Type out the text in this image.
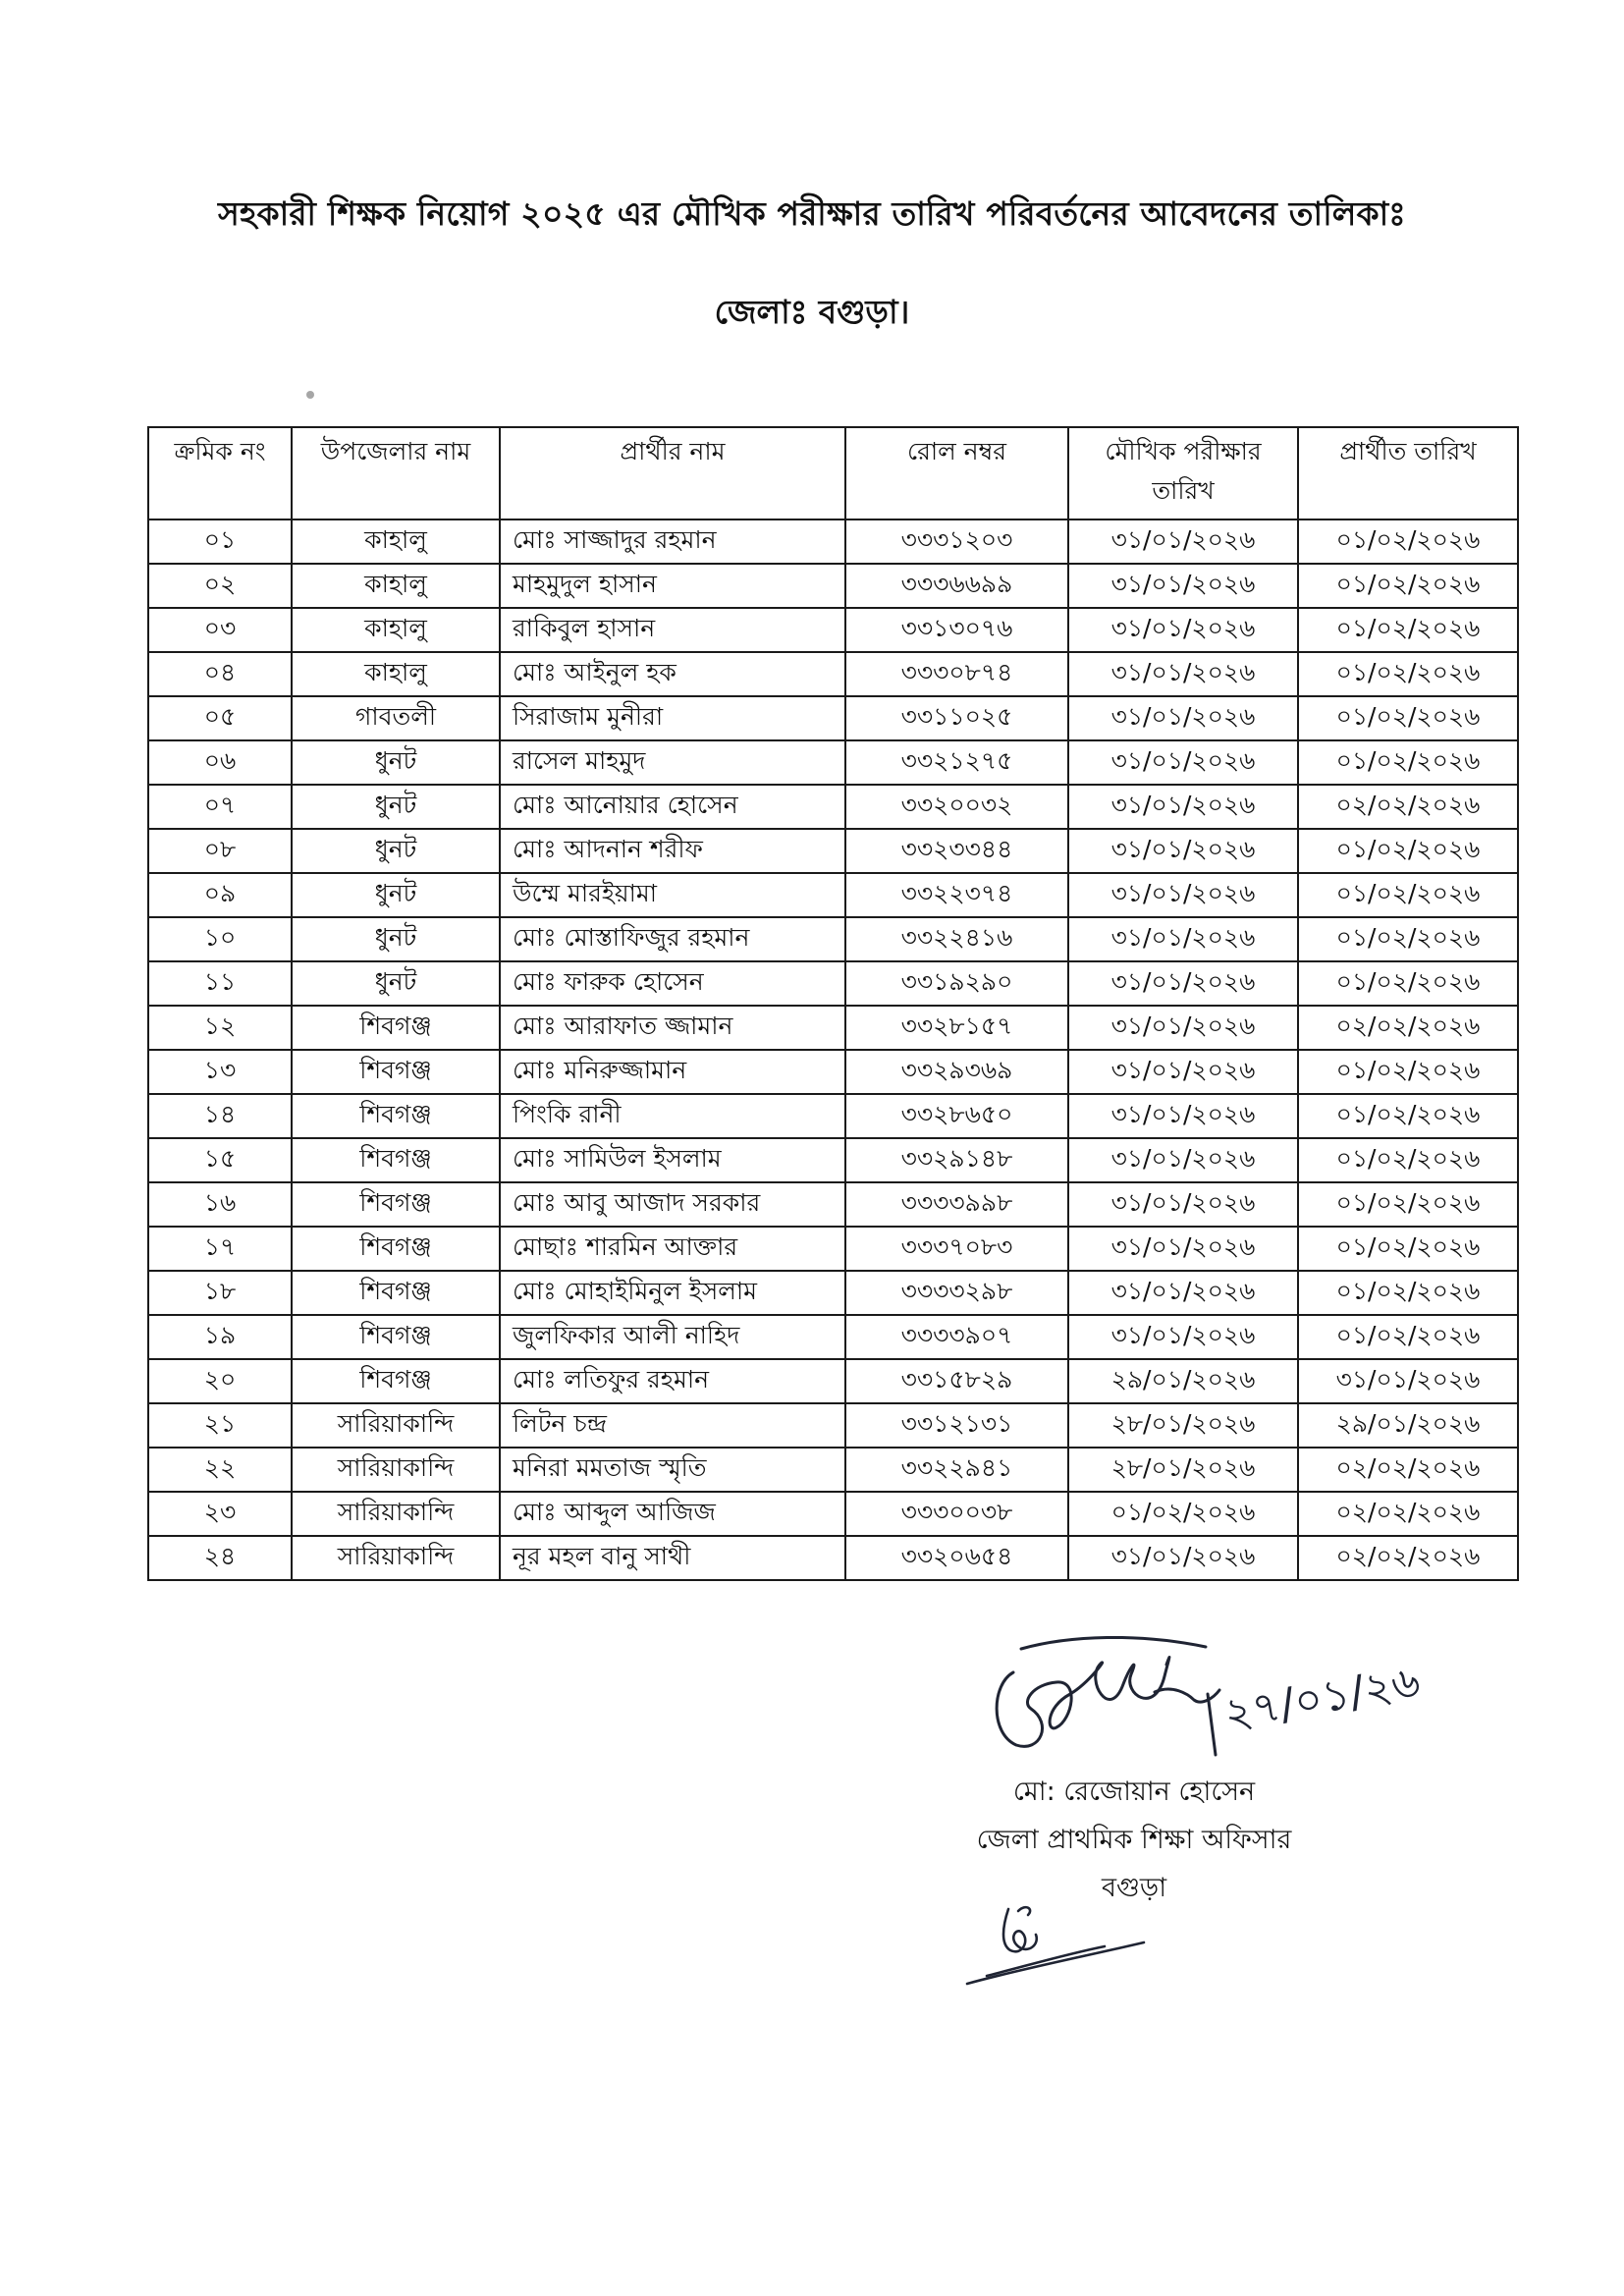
সহকারী শিক্ষক নিয়োগ ২০২৫ এর মৌখিক পরীক্ষার তারিখ পরিবর্তনের আবেদনের তালিকাঃ
জেলাঃ বগুড়া।
ক্রমিক নং	উপজেলার নাম	প্রার্থীর নাম	রোল নম্বর	মৌখিক পরীক্ষার তারিখ	প্রার্থীত তারিখ
০১	কাহালু	মোঃ সাজ্জাদুর রহমান	৩৩৩১২০৩	৩১/০১/২০২৬	০১/০২/২০২৬
০২	কাহালু	মাহমুদুল হাসান	৩৩৩৬৬৯৯	৩১/০১/২০২৬	০১/০২/২০২৬
০৩	কাহালু	রাকিবুল হাসান	৩৩১৩০৭৬	৩১/০১/২০২৬	০১/০২/২০২৬
০৪	কাহালু	মোঃ আইনুল হক	৩৩৩০৮৭৪	৩১/০১/২০২৬	০১/০২/২০২৬
০৫	গাবতলী	সিরাজাম মুনীরা	৩৩১১০২৫	৩১/০১/২০২৬	০১/০২/২০২৬
০৬	ধুনট	রাসেল মাহমুদ	৩৩২১২৭৫	৩১/০১/২০২৬	০১/০২/২০২৬
০৭	ধুনট	মোঃ আনোয়ার হোসেন	৩৩২০০৩২	৩১/০১/২০২৬	০২/০২/২০২৬
০৮	ধুনট	মোঃ আদনান শরীফ	৩৩২৩৩৪৪	৩১/০১/২০২৬	০১/০২/২০২৬
০৯	ধুনট	উম্মে মারইয়ামা	৩৩২২৩৭৪	৩১/০১/২০২৬	০১/০২/২০২৬
১০	ধুনট	মোঃ মোস্তাফিজুর রহমান	৩৩২২৪১৬	৩১/০১/২০২৬	০১/০২/২০২৬
১১	ধুনট	মোঃ ফারুক হোসেন	৩৩১৯২৯০	৩১/০১/২০২৬	০১/০২/২০২৬
১২	শিবগঞ্জ	মোঃ আরাফাত জ্জামান	৩৩২৮১৫৭	৩১/০১/২০২৬	০২/০২/২০২৬
১৩	শিবগঞ্জ	মোঃ মনিরুজ্জামান	৩৩২৯৩৬৯	৩১/০১/২০২৬	০১/০২/২০২৬
১৪	শিবগঞ্জ	পিংকি রানী	৩৩২৮৬৫০	৩১/০১/২০২৬	০১/০২/২০২৬
১৫	শিবগঞ্জ	মোঃ সামিউল ইসলাম	৩৩২৯১৪৮	৩১/০১/২০২৬	০১/০২/২০২৬
১৬	শিবগঞ্জ	মোঃ আবু আজাদ সরকার	৩৩৩৩৯৯৮	৩১/০১/২০২৬	০১/০২/২০২৬
১৭	শিবগঞ্জ	মোছাঃ শারমিন আক্তার	৩৩৩৭০৮৩	৩১/০১/২০২৬	০১/০২/২০২৬
১৮	শিবগঞ্জ	মোঃ মোহাইমিনুল ইসলাম	৩৩৩৩২৯৮	৩১/০১/২০২৬	০১/০২/২০২৬
১৯	শিবগঞ্জ	জুলফিকার আলী নাহিদ	৩৩৩৩৯০৭	৩১/০১/২০২৬	০১/০২/২০২৬
২০	শিবগঞ্জ	মোঃ লতিফুর রহমান	৩৩১৫৮২৯	২৯/০১/২০২৬	৩১/০১/২০২৬
২১	সারিয়াকান্দি	লিটন চন্দ্র	৩৩১২১৩১	২৮/০১/২০২৬	২৯/০১/২০২৬
২২	সারিয়াকান্দি	মনিরা মমতাজ স্মৃতি	৩৩২২৯৪১	২৮/০১/২০২৬	০২/০২/২০২৬
২৩	সারিয়াকান্দি	মোঃ আব্দুল আজিজ	৩৩৩০০৩৮	০১/০২/২০২৬	০২/০২/২০২৬
২৪	সারিয়াকান্দি	নূর মহল বানু সাথী	৩৩২০৬৫৪	৩১/০১/২০২৬	০২/০২/২০২৬
২৭/০১/২৬
মো: রেজোয়ান হোসেন
জেলা প্রাথমিক শিক্ষা অফিসার
বগুড়া
